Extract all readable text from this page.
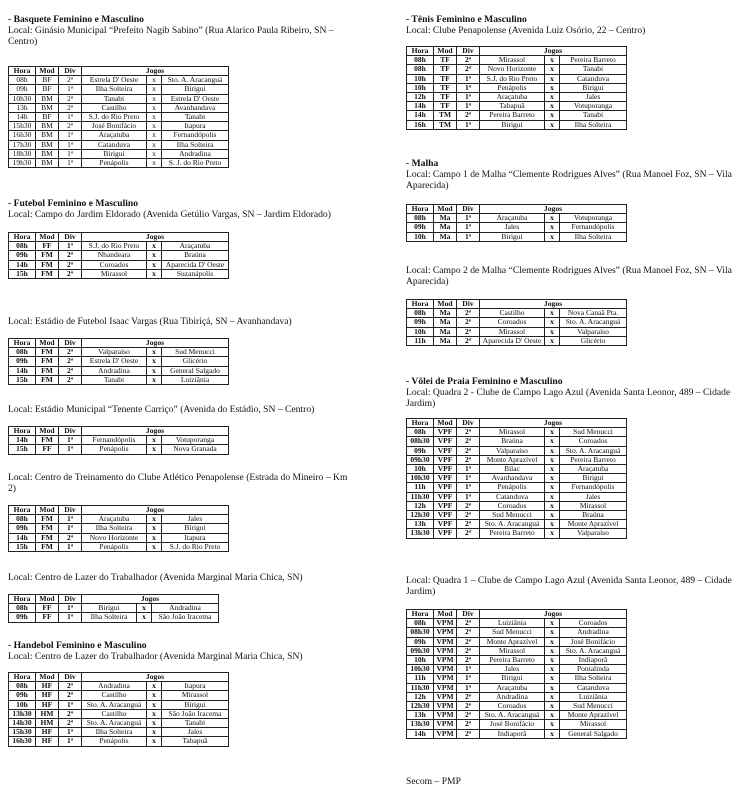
- Basquete Feminino e Masculino

Local: Ginásio Municipal “Prefeito Nagib Sabino” (Rua Alarico Paula Ribeiro, SN – Centro)

Hora	Mod	Div	Jogos		
08h	BF	2ª	Estrela D' Oeste	x	Sto. A. Aracanguá
09h	BF	1ª	Ilha Solteira	x	Birigui
10h30	BM	2ª	Tanabi	x	Estrela D' Oeste
13h	BM	2ª	Castilho	x	Avanhandava
14h	BF	1ª	S.J. do Rio Preto	x	Tanabi
15h30	BM	2ª	José Bonifácio	x	Itapura
16h30	BM	1ª	Araçatuba	x	Fernandópolis
17h30	BM	1ª	Catanduva	x	Ilha Solteira
18h30	BM	1ª	Birigui	x	Andradina
19h30	BM	1ª	Penápolis	x	S. J. do Rio Preto

- Futebol Feminino e Masculino

Local: Campo do Jardim Eldorado (Avenida Getúlio Vargas, SN – Jardim Eldorado)

Hora	Mod	Div	Jogos		
08h	FF	1ª	S.J. do Rio Preto	x	Araçatuba
09h	FM	2ª	Nhandeara	x	Braúna
14h	FM	2ª	Coroados	x	Aparecida D' Oeste
15h	FM	2ª	Mirassol	x	Suzanápolis

Local: Estádio de Futebol Isaac Vargas (Rua Tibiriçá, SN – Avanhandava)

Hora	Mod	Div	Jogos		
08h	FM	2ª	Valparaíso	x	Sud Menucci
09h	FM	2ª	Estrela D' Oeste	x	Glicério
14h	FM	2ª	Andradina	x	General Salgado
15h	FM	2ª	Tanabi	x	Luiziânia

Local: Estádio Municipal “Tenente Carriço” (Avenida do Estádio, SN – Centro)

Hora	Mod	Div	Jogos		
14h	FM	1ª	Fernandópolis	x	Votuporanga
15h	FF	1ª	Penápolis	x	Nova Granada

Local: Centro de Treinamento do Clube Atlético Penapolense (Estrada do Mineiro – Km 2)

Hora	Mod	Div	Jogos		
08h	FM	1ª	Araçatuba	x	Jales
09h	FM	1ª	Ilha Solteira	x	Birigui
14h	FM	2ª	Novo Horizonte	x	Itapura
15h	FM	1ª	Penápolis	x	S.J. do Rio Preto

Local: Centro de Lazer do Trabalhador (Avenida Marginal Maria Chica, SN)

Hora	Mod	Div	Jogos		
08h	FF	1ª	Birigui	x	Andradina
09h	FF	1ª	Ilha Solteira	x	São João Iracema

- Handebol Feminino e Masculino

Local: Centro de Lazer do Trabalhador (Avenida Marginal Maria Chica, SN)

Hora	Mod	Div	Jogos		
08h	HF	2ª	Andradina	x	Itapura
09h	HF	2ª	Castilho	x	Mirassol
10h	HF	1ª	Sto. A. Aracanguá	x	Birigui
13h30	HM	2ª	Castilho	x	São João Iracema
14h30	HM	2ª	Sto. A. Aracanguá	x	Tanabi
15h30	HF	1ª	Ilha Solteira	x	Jales
16h30	HF	1ª	Penápolis	x	Tabapuã

- Tênis Feminino e Masculino

Local: Clube Penapolense (Avenida Luiz Osório, 22 – Centro)

Hora	Mod	Div	Jogos		
08h	TF	2ª	Mirassol	x	Pereira Barreto
08h	TF	2ª	Novo Horizonte	x	Tanabi
10h	TF	1ª	S.J. do Rio Preto	x	Catanduva
10h	TF	1ª	Penápolis	x	Birigui
12h	TF	1ª	Araçatuba	x	Jales
14h	TF	1ª	Tabapuã	x	Votuporanga
14h	TM	2ª	Pereira Barreto	x	Tanabi
16h	TM	1ª	Birigui	x	Ilha Solteira

- Malha

Local: Campo 1 de Malha “Clemente Rodrigues Alves” (Rua Manoel Foz, SN – Vila Aparecida)

Hora	Mod	Div	Jogos		
08h	Ma	1ª	Araçatuba	x	Votuporanga
09h	Ma	1ª	Jales	x	Fernandópolis
10h	Ma	1ª	Birigui	x	Ilha Solteira

Local: Campo 2 de Malha “Clemente Rodrigues Alves” (Rua Manoel Foz, SN – Vila Aparecida)

Hora	Mod	Div	Jogos		
08h	Ma	2ª	Castilho	x	Nova Canaã Pta.
09h	Ma	2ª	Coroados	x	Sto. A. Aracanguá
10h	Ma	2ª	Mirassol	x	Valparaíso
11h	Ma	2ª	Aparecida D' Oeste	x	Glicério

- Vôlei de Praia Feminino e Masculino

Local: Quadra 2 - Clube de Campo Lago Azul (Avenida Santa Leonor, 489 – Cidade Jardim)

Hora	Mod	Div	Jogos		
08h	VPF	2ª	Mirassol	x	Sud Menucci
08h30	VPF	2ª	Braúna	x	Coroados
09h	VPF	2ª	Valparaíso	x	Sto. A. Aracanguá
09h30	VPF	2ª	Monte Aprazível	x	Pereira Barreto
10h	VPF	1ª	Bilac	x	Araçatuba
10h30	VPF	1ª	Avanhandava	x	Birigui
11h	VPF	1ª	Penápolis	x	Fernandópolis
11h30	VPF	1ª	Catanduva	x	Jales
12h	VPF	2ª	Coroados	x	Mirassol
12h30	VPF	2ª	Sud Menucci	x	Braúna
13h	VPF	2ª	Sto. A. Aracanguá	x	Monte Aprazível
13h30	VPF	2ª	Pereira Barreto	x	Valparaíso

Local: Quadra 1 – Clube de Campo Lago Azul (Avenida Santa Leonor, 489 – Cidade Jardim)

Hora	Mod	Div	Jogos		
08h	VPM	2ª	Luiziânia	x	Coroados
08h30	VPM	2ª	Sud Menucci	x	Andradina
09h	VPM	2ª	Monte Aprazível	x	José Bonifácio
09h30	VPM	2ª	Mirassol	x	Sto. A. Aracanguá
10h	VPM	2ª	Pereira Barreto	x	Indiaporã
10h30	VPM	1ª	Jales	x	Pontalinda
11h	VPM	1ª	Birigui	x	Ilha Solteira
11h30	VPM	1ª	Araçatuba	x	Catanduva
12h	VPM	2ª	Andradina	x	Luiziânia
12h30	VPM	2ª	Coroados	x	Sud Menucci
13h	VPM	2ª	Sto. A. Aracanguá	x	Monte Aprazível
13h30	VPM	2ª	José Bonifácio	x	Mirassol
14h	VPM	2ª	Indiaporã	x	General Salgado
Secom – PMP
